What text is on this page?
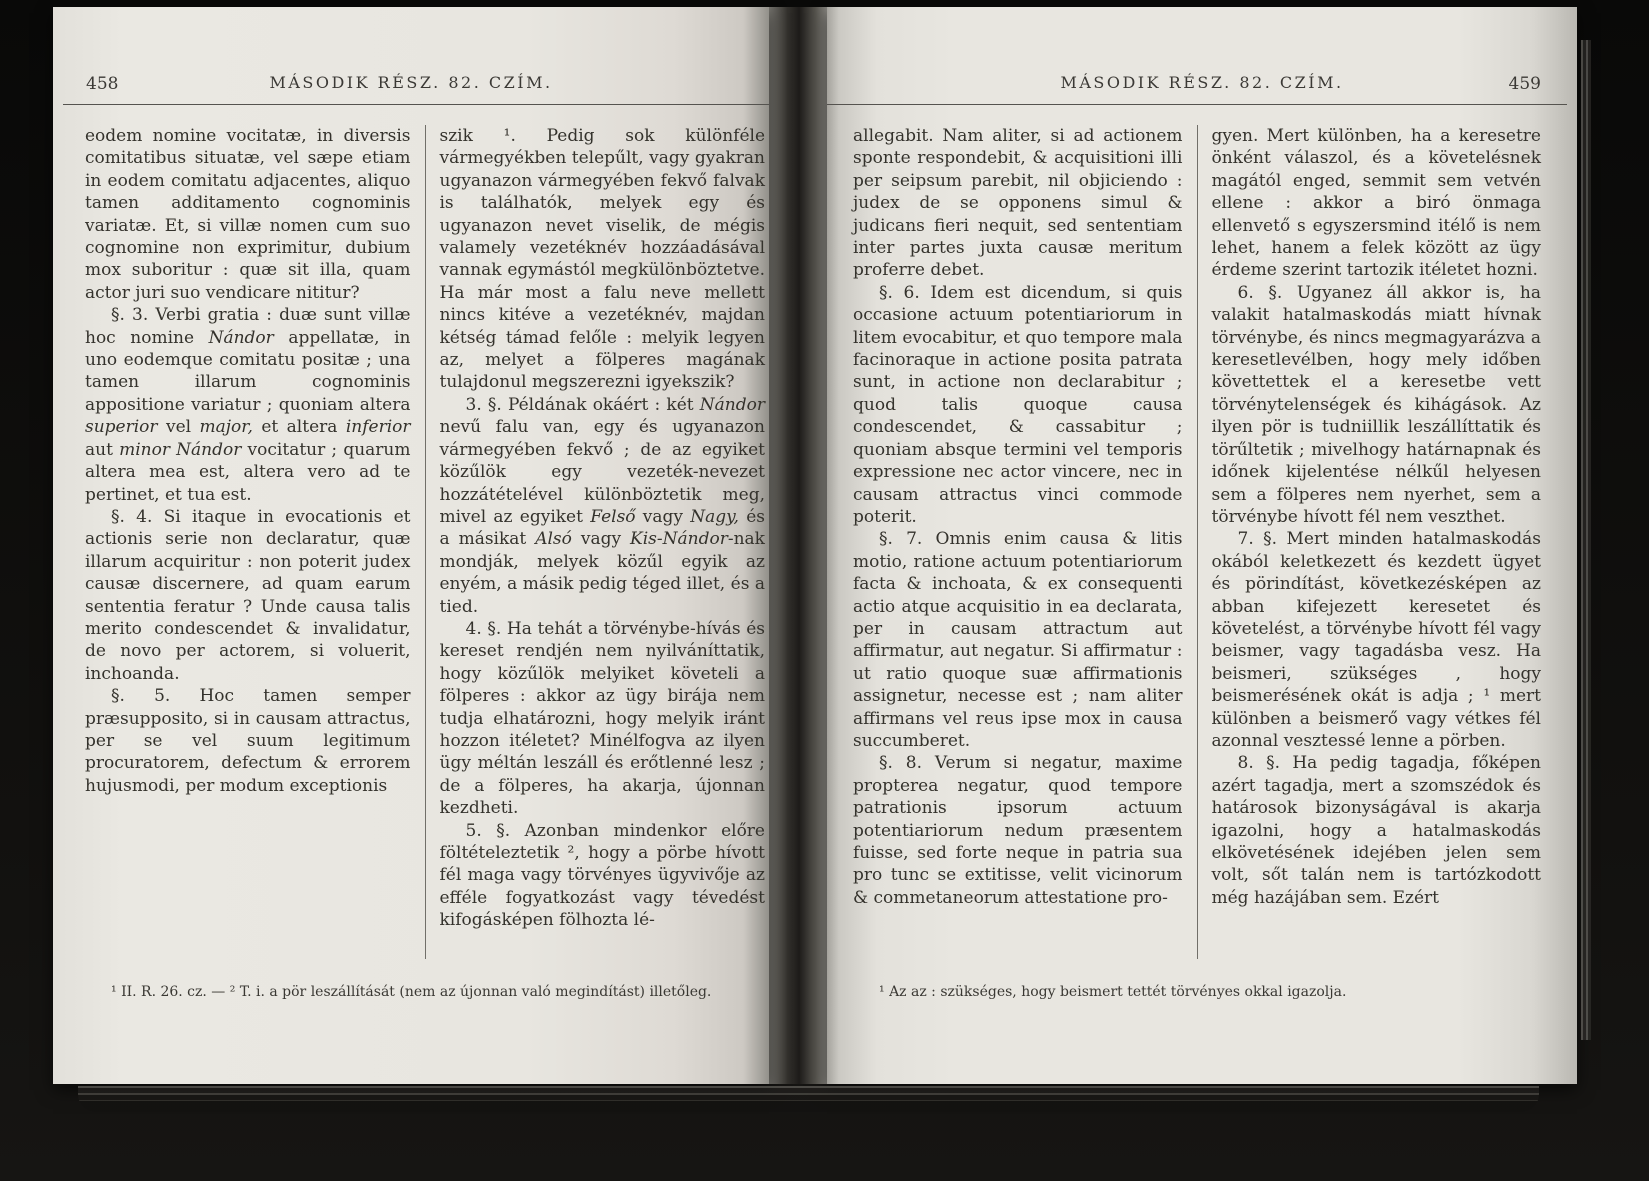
458	MÁSODIK RÉSZ. 82. CZÍM.

eodem nomine vocitatæ, in diversis comitatibus situatæ, vel sæpe etiam in eodem comitatu adjacentes, aliquo tamen additamento cognominis variatæ. Et, si villæ nomen cum suo cognomine non exprimitur, dubium mox suboritur : quæ sit illa, quam actor juri suo vendicare nititur?

§. 3. Verbi gratia : duæ sunt villæ hoc nomine Nándor appellatæ, in uno eodemque comitatu positæ ; una tamen illarum cognominis appositione variatur ; quoniam altera superior vel major, et altera inferior aut minor Nándor vocitatur ; quarum altera mea est, altera vero ad te pertinet, et tua est.

§. 4. Si itaque in evocationis et actionis serie non declaratur, quæ illarum acquiritur : non poterit judex causæ discernere, ad quam earum sententia feratur ? Unde causa talis merito condescendet & invalidatur, de novo per actorem, si voluerit, inchoanda.

§. 5. Hoc tamen semper præsupposito, si in causam attractus, per se vel suum legitimum procuratorem, defectum & errorem hujusmodi, per modum exceptionis

szik ¹. Pedig sok különféle vármegyékben telepűlt, vagy gyakran ugyanazon vármegyében fekvő falvak is találhatók, melyek egy és ugyanazon nevet viselik, de mégis valamely vezetéknév hozzáadásával vannak egymástól megkülönböztetve. Ha már most a falu neve mellett nincs kitéve a vezetéknév, majdan kétség támad felőle : melyik legyen az, melyet a fölperes magának tulajdonul megszerezni igyekszik?

3. §. Példának okáért : két Nándor nevű falu van, egy és ugyanazon vármegyében fekvő ; de az egyiket közűlök egy vezeték-nevezet hozzátételével különböztetik meg, mivel az egyiket Felső vagy Nagy, és a másikat Alsó vagy Kis-Nándor-nak mondják, melyek közűl egyik az enyém, a másik pedig téged illet, és a tied.

4. §. Ha tehát a törvénybe-hívás és kereset rendjén nem nyilváníttatik, hogy közűlök melyiket követeli a fölperes : akkor az ügy birája nem tudja elhatározni, hogy melyik iránt hozzon itéletet? Minélfogva az ilyen ügy méltán leszáll és erőtlenné lesz ; de a fölperes, ha akarja, újonnan kezdheti.

5. §. Azonban mindenkor előre föltételeztetik ², hogy a pörbe hívott fél maga vagy törvényes ügyvivője az efféle fogyatkozást vagy tévedést kifogásképen fölhozta lé-

¹ II. R. 26. cz. — ² T. i. a pör leszállítását (nem az újonnan való megindítást) illetőleg.
459
MÁSODIK RÉSZ. 82. CZÍM.

allegabit. Nam aliter, si ad actionem sponte respondebit, & acquisitioni illi per seipsum parebit, nil objiciendo : judex de se opponens simul & judicans fieri nequit, sed sententiam inter partes juxta causæ meritum proferre debet.

§. 6. Idem est dicendum, si quis occasione actuum potentiariorum in litem evocabitur, et quo tempore mala facinoraque in actione posita patrata sunt, in actione non declarabitur ; quod talis quoque causa condescendet, & cassabitur ; quoniam absque termini vel temporis expressione nec actor vincere, nec in causam attractus vinci commode poterit.

§. 7. Omnis enim causa & litis motio, ratione actuum potentiariorum facta & inchoata, & ex consequenti actio atque acquisitio in ea declarata, per in causam attractum aut affirmatur, aut negatur. Si affirmatur : ut ratio quoque suæ affirmationis assignetur, necesse est ; nam aliter affirmans vel reus ipse mox in causa succumberet.

§. 8. Verum si negatur, maxime propterea negatur, quod tempore patrationis ipsorum actuum potentiariorum nedum præsentem fuisse, sed forte neque in patria sua pro tunc se extitisse, velit vicinorum & commetaneorum attestatione pro-

gyen. Mert különben, ha a keresetre önként válaszol, és a követelésnek magától enged, semmit sem vetvén ellene : akkor a biró önmaga ellenvető s egyszersmind itélő is nem lehet, hanem a felek között az ügy érdeme szerint tartozik itéletet hozni.

6. §. Ugyanez áll akkor is, ha valakit hatalmaskodás miatt hívnak törvénybe, és nincs megmagyarázva a keresetlevélben, hogy mely időben követtettek el a keresetbe vett törvénytelenségek és kihágások. Az ilyen pör is tudniillik leszállíttatik és törűltetik ; mivelhogy határnapnak és időnek kijelentése nélkűl helyesen sem a fölperes nem nyerhet, sem a törvénybe hívott fél nem veszthet.

7. §. Mert minden hatalmaskodás okából keletkezett és kezdett ügyet és pörindítást, következésképen az abban kifejezett keresetet és követelést, a törvénybe hívott fél vagy beismer, vagy tagadásba vesz. Ha beismeri, szükséges , hogy beismerésének okát is adja ; ¹ mert különben a beismerő vagy vétkes fél azonnal vesztessé lenne a pörben.

8. §. Ha pedig tagadja, főképen azért tagadja, mert a szomszédok és határosok bizonyságával is akarja igazolni, hogy a hatalmaskodás elkövetésének idejében jelen sem volt, sőt talán nem is tartózkodott még hazájában sem. Ezért

¹ Az az : szükséges, hogy beismert tettét törvényes okkal igazolja.
